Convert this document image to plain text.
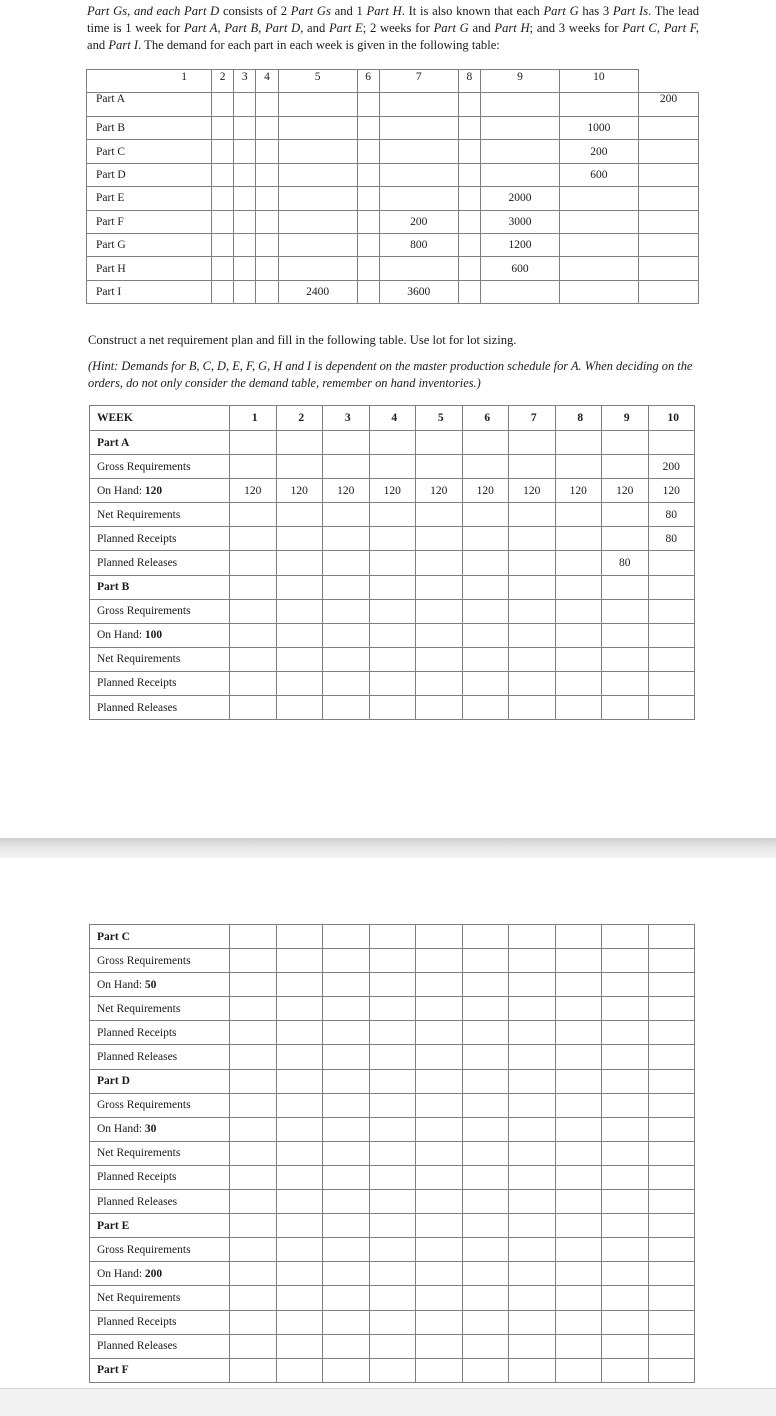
Part Gs, and each Part D consists of 2 Part Gs and 1 Part H. It is also known that each Part G has 3 Part Is. The lead time is 1 week for Part A, Part B, Part D, and Part E; 2 weeks for Part G and Part H; and 3 weeks for Part C, Part F, and Part I. The demand for each part in each week is given in the following table:

1	2	3	4	5	6	7	8	9	10	
Part A										200
Part B									1000	
Part C									200	
Part D									600	
Part E								2000		
Part F						200		3000		
Part G						800		1200		
Part H								600		
Part I				2400		3600				
Construct a net requirement plan and fill in the following table. Use lot for lot sizing.
(Hint: Demands for B, C, D, E, F, G, H and I is dependent on the master production schedule for A. When deciding on the orders, do not only consider the demand table, remember on hand inventories.)
WEEK	1	2	3	4	5	6	7	8	9	10
Part A										
Gross Requirements										200
On Hand: 120	120	120	120	120	120	120	120	120	120	120
Net Requirements										80
Planned Receipts										80
Planned Releases									80	
Part B										
Gross Requirements										
On Hand: 100										
Net Requirements										
Planned Receipts										
Planned Releases										
Part C										
Gross Requirements										
On Hand: 50										
Net Requirements										
Planned Receipts										
Planned Releases										
Part D										
Gross Requirements										
On Hand: 30										
Net Requirements										
Planned Receipts										
Planned Releases										
Part E										
Gross Requirements										
On Hand: 200										
Net Requirements										
Planned Receipts										
Planned Releases										
Part F										
